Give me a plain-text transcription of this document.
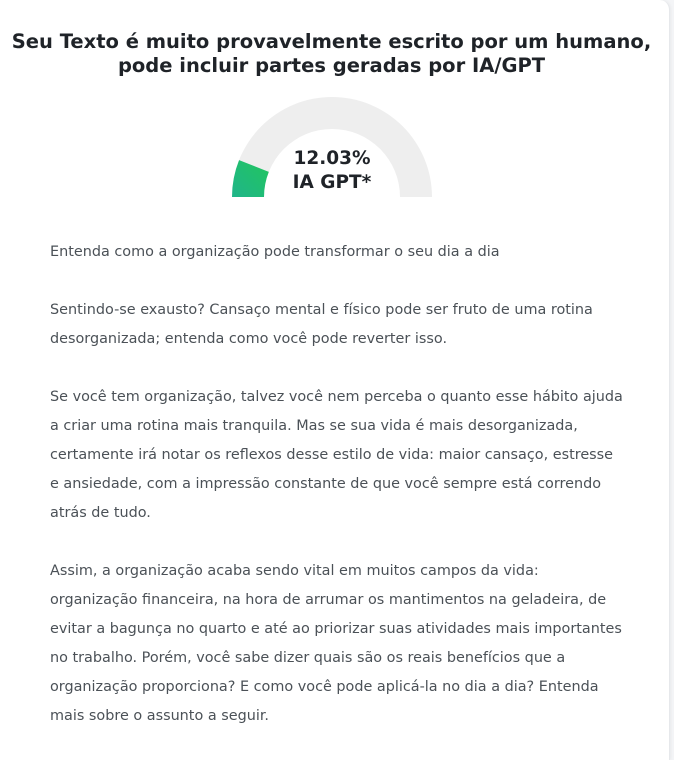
Seu Texto é muito provavelmente escrito por um humano, pode incluir partes geradas por IA/GPT
12.03%
IA GPT*

Entenda como a organização pode transformar o seu dia a dia

Sentindo-se exausto? Cansaço mental e físico pode ser fruto de uma rotina desorganizada; entenda como você pode reverter isso.

Se você tem organização, talvez você nem perceba o quanto esse hábito ajuda a criar uma rotina mais tranquila. Mas se sua vida é mais desorganizada, certamente irá notar os reflexos desse estilo de vida: maior cansaço, estresse e ansiedade, com a impressão constante de que você sempre está correndo atrás de tudo.

Assim, a organização acaba sendo vital em muitos campos da vida: organização financeira, na hora de arrumar os mantimentos na geladeira, de evitar a bagunça no quarto e até ao priorizar suas atividades mais importantes no trabalho. Porém, você sabe dizer quais são os reais benefícios que a organização proporciona? E como você pode aplicá-la no dia a dia? Entenda mais sobre o assunto a seguir.
